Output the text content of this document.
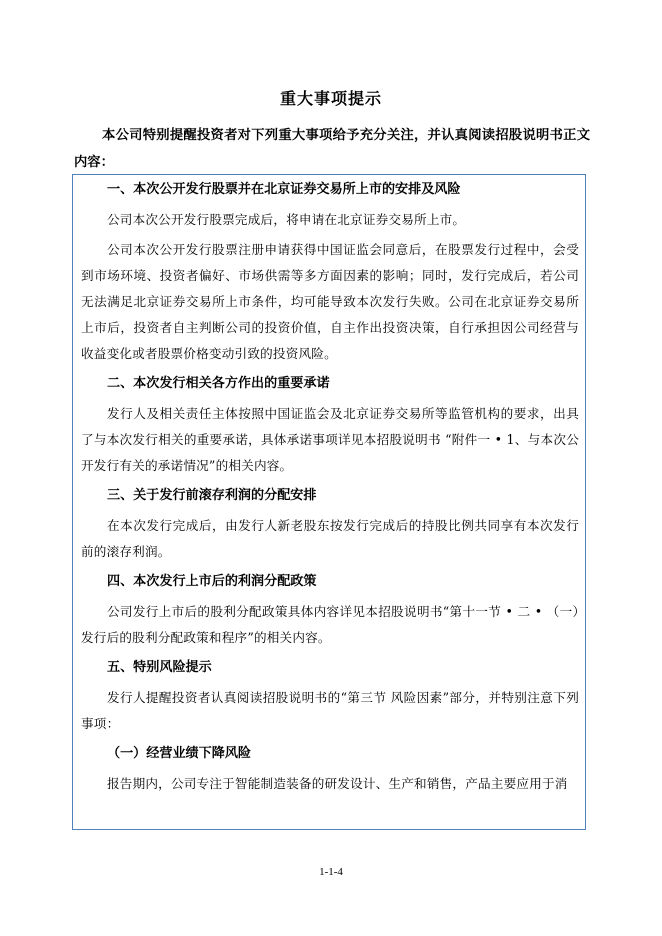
重大事项提示
本公司特别提醒投资者对下列重大事项给予充分关注，并认真阅读招股说明书正文内容：
一、本次公开发行股票并在北京证券交易所上市的安排及风险
公司本次公开发行股票完成后，将申请在北京证券交易所上市。
公司本次公开发行股票注册申请获得中国证监会同意后，在股票发行过程中，会受到市场环境、投资者偏好、市场供需等多方面因素的影响；同时，发行完成后，若公司无法满足北京证券交易所上市条件，均可能导致本次发行失败。公司在北京证券交易所上市后，投资者自主判断公司的投资价值，自主作出投资决策，自行承担因公司经营与收益变化或者股票价格变动引致的投资风险。
二、本次发行相关各方作出的重要承诺
发行人及相关责任主体按照中国证监会及北京证券交易所等监管机构的要求，出具了与本次发行相关的重要承诺，具体承诺事项详见本招股说明书 “附件一 • 1、与本次公开发行有关的承诺情况”的相关内容。
三、关于发行前滚存利润的分配安排
在本次发行完成后，由发行人新老股东按发行完成后的持股比例共同享有本次发行前的滚存利润。
四、本次发行上市后的利润分配政策
公司发行上市后的股利分配政策具体内容详见本招股说明书“第十一节 • 二 • （一）发行后的股利分配政策和程序”的相关内容。
五、特别风险提示
发行人提醒投资者认真阅读招股说明书的“第三节 风险因素”部分，并特别注意下列事项：
（一）经营业绩下降风险
报告期内，公司专注于智能制造装备的研发设计、生产和销售，产品主要应用于消
1-1-4
